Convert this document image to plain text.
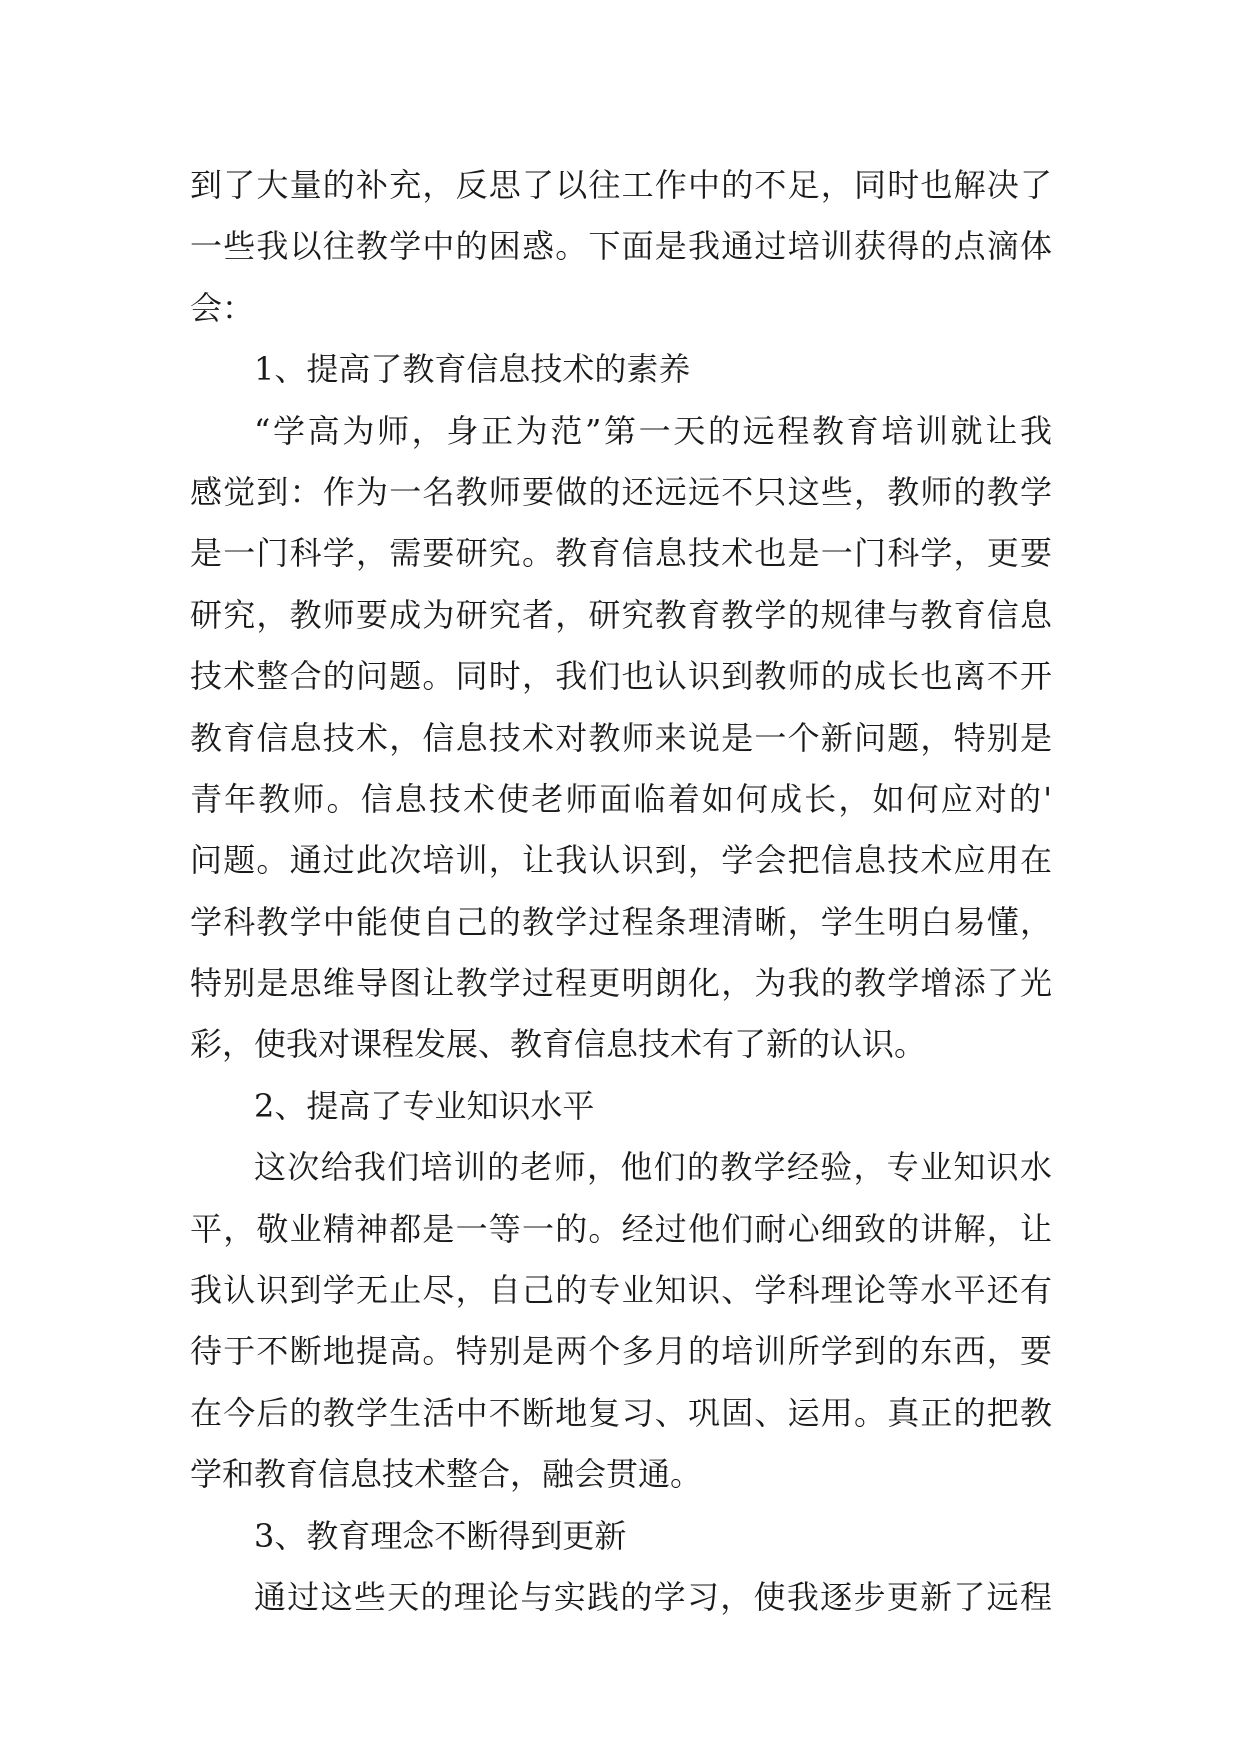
到了大量的补充，反思了以往工作中的不足，同时也解决了
一些我以往教学中的困惑。下面是我通过培训获得的点滴体
会：
1、提高了教育信息技术的素养
“学高为师，身正为范”第一天的远程教育培训就让我
感觉到：作为一名教师要做的还远远不只这些，教师的教学
是一门科学，需要研究。教育信息技术也是一门科学，更要
研究，教师要成为研究者，研究教育教学的规律与教育信息
技术整合的问题。同时，我们也认识到教师的成长也离不开
教育信息技术，信息技术对教师来说是一个新问题，特别是
青年教师。信息技术使老师面临着如何成长，如何应对的'
问题。通过此次培训，让我认识到，学会把信息技术应用在
学科教学中能使自己的教学过程条理清晰，学生明白易懂，
特别是思维导图让教学过程更明朗化，为我的教学增添了光
彩，使我对课程发展、教育信息技术有了新的认识。
2、提高了专业知识水平
这次给我们培训的老师，他们的教学经验，专业知识水
平，敬业精神都是一等一的。经过他们耐心细致的讲解，让
我认识到学无止尽，自己的专业知识、学科理论等水平还有
待于不断地提高。特别是两个多月的培训所学到的东西，要
在今后的教学生活中不断地复习、巩固、运用。真正的把教
学和教育信息技术整合，融会贯通。
3、教育理念不断得到更新
通过这些天的理论与实践的学习，使我逐步更新了远程
